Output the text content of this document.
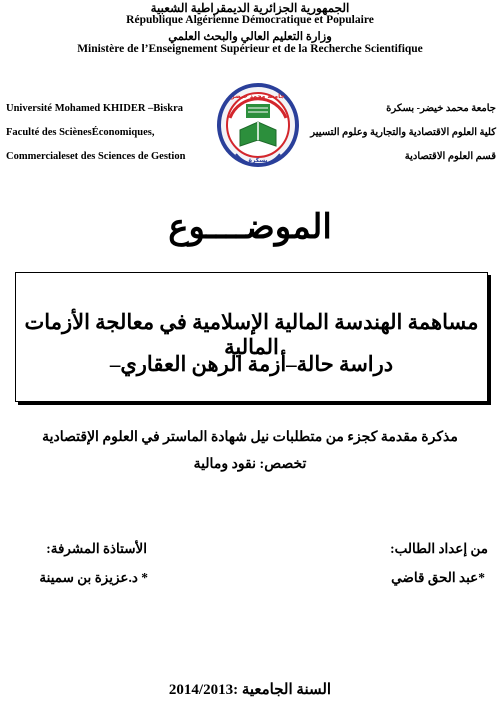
الجمهورية الجزائرية الديمقراطية الشعبية
République Algérienne Démocratique et Populaire
وزارة التعليم العالي والبحث العلمي
Ministère de l’Enseignement Supérieur et de la Recherche Scientifique
Université Mohamed KHIDER –Biskra
Faculté des SciènesÉconomiques,
Commercialeset des Sciences de Gestion
جامعة محمد خيضر- بسكرة
كلية العلوم الاقتصادية والتجارية وعلوم التسيير
قسم العلوم الاقتصادية
جامعة محمد خيضر
بسكرة
الموضــــوع
مساهمة الهندسة المالية الإسلامية في معالجة الأزمات المالية
دراسة حالة–أزمة الرهن العقاري–
مذكرة مقدمة كجزء من متطلبات نيل شهادة الماستر في العلوم الإقتصادية
تخصص: نقود ومالية
من إعداد الطالب:
*عبد الحق قاضي
الأستاذة المشرفة:
* د.عزيزة بن سمينة
السنة الجامعية :2014/2013
